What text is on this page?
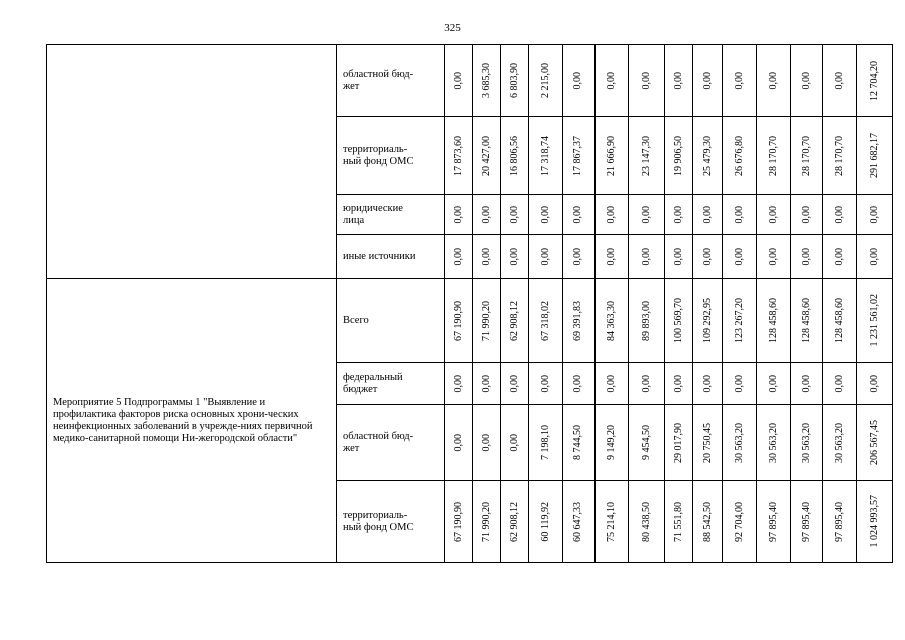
325
	областной бюд-
жет	0,00	3 685,30	6 803,90	2 215,00	0,00	0,00	0,00	0,00	0,00	0,00	0,00	0,00	0,00	12 704,20

	территориаль-
ный фонд ОМС	17 873,60	20 427,00	16 806,56	17 318,74	17 867,37	21 666,90	23 147,30	19 906,50	25 479,30	26 676,80	28 170,70	28 170,70	28 170,70	291 682,17

	юридические
лица	0,00	0,00	0,00	0,00	0,00	0,00	0,00	0,00	0,00	0,00	0,00	0,00	0,00	0,00

	иные источники	0,00	0,00	0,00	0,00	0,00	0,00	0,00	0,00	0,00	0,00	0,00	0,00	0,00	0,00

Мероприятие 5 Подпрограммы 1 "Выявление и профилактика факторов риска основных хрони-ческих неинфекционных заболеваний в учрежде-ниях первичной медико-санитарной помощи Ни-жегородской области"	Всего	67 190,90	71 990,20	62 908,12	67 318,02	69 391,83	84 363,30	89 893,00	100 569,70	109 292,95	123 267,20	128 458,60	128 458,60	128 458,60	1 231 561,02

	федеральный
бюджет	0,00	0,00	0,00	0,00	0,00	0,00	0,00	0,00	0,00	0,00	0,00	0,00	0,00	0,00

	областной бюд-
жет	0,00	0,00	0,00	7 198,10	8 744,50	9 149,20	9 454,50	29 017,90	20 750,45	30 563,20	30 563,20	30 563,20	30 563,20	206 567,45

	территориаль-
ный фонд ОМС	67 190,90	71 990,20	62 908,12	60 119,92	60 647,33	75 214,10	80 438,50	71 551,80	88 542,50	92 704,00	97 895,40	97 895,40	97 895,40	1 024 993,57
